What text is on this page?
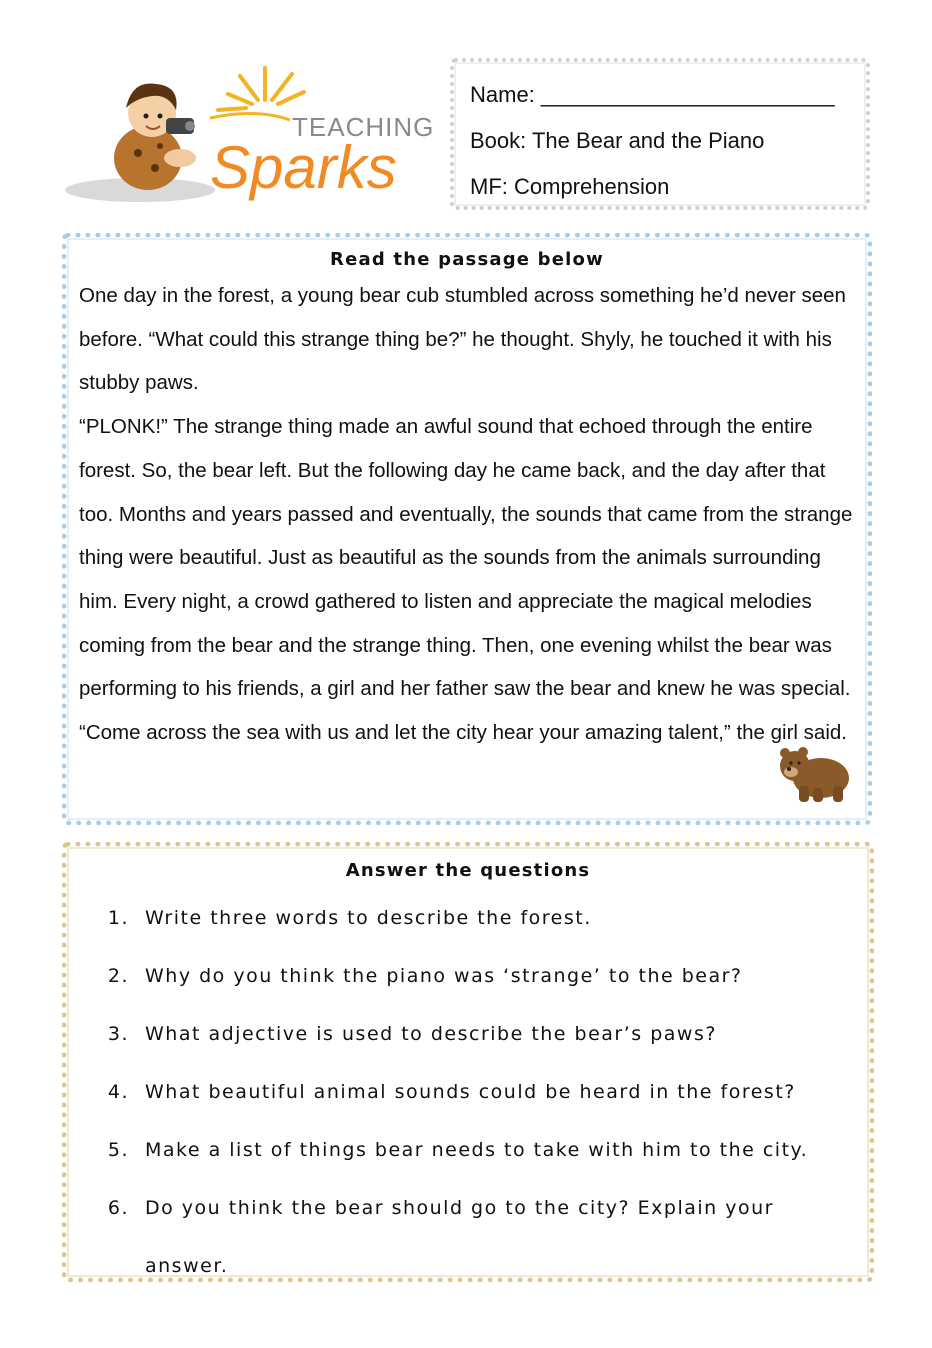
TEACHING
Sparks
Name: ________________________
Book: The Bear and the Piano
MF: Comprehension
Read the passage below

One day in the forest, a young bear cub stumbled across something he’d never seen before. “What could this strange thing be?” he thought. Shyly, he touched it with his stubby paws.

“PLONK!” The strange thing made an awful sound that echoed through the entire forest. So, the bear left. But the following day he came back, and the day after that too. Months and years passed and eventually, the sounds that came from the strange thing were beautiful. Just as beautiful as the sounds from the animals surrounding him. Every night, a crowd gathered to listen and appreciate the magical melodies coming from the bear and the strange thing. Then, one evening whilst the bear was performing to his friends, a girl and her father saw the bear and knew he was special. “Come across the sea with us and let the city hear your amazing talent,” the girl said.

Answer the questions
1. Write three words to describe the forest.
2. Why do you think the piano was ‘strange’ to the bear?
3. What adjective is used to describe the bear’s paws?
4. What beautiful animal sounds could be heard in the forest?
5. Make a list of things bear needs to take with him to the city.
6. Do you think the bear should go to the city? Explain your answer.
